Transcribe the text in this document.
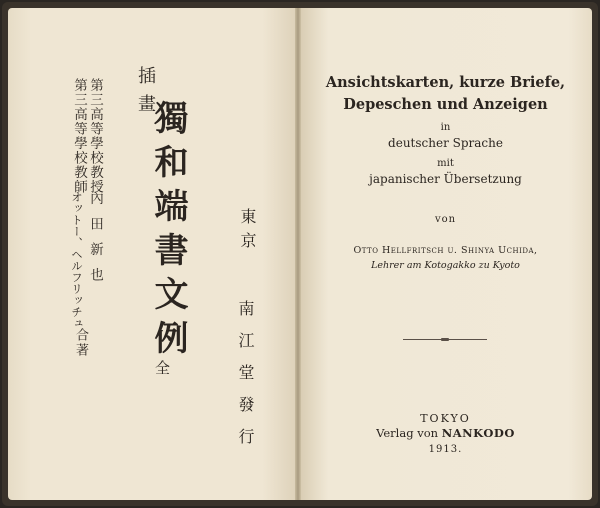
插畫
獨和端書文例
全
第三高等學校教授
第三高等學校教師
內田新也
オットー、ヘルフリッチュ
合著
東京
南江堂發行
Ansichtskarten, kurze Briefe,
Depeschen und Anzeigen
in
deutscher Sprache
mit
japanischer Übersetzung
von
Otto Hellfritsch u. Shinya Uchida,
Lehrer am Kotogakko zu Kyoto
TOKYO
Verlag von NANKODO
1913.
